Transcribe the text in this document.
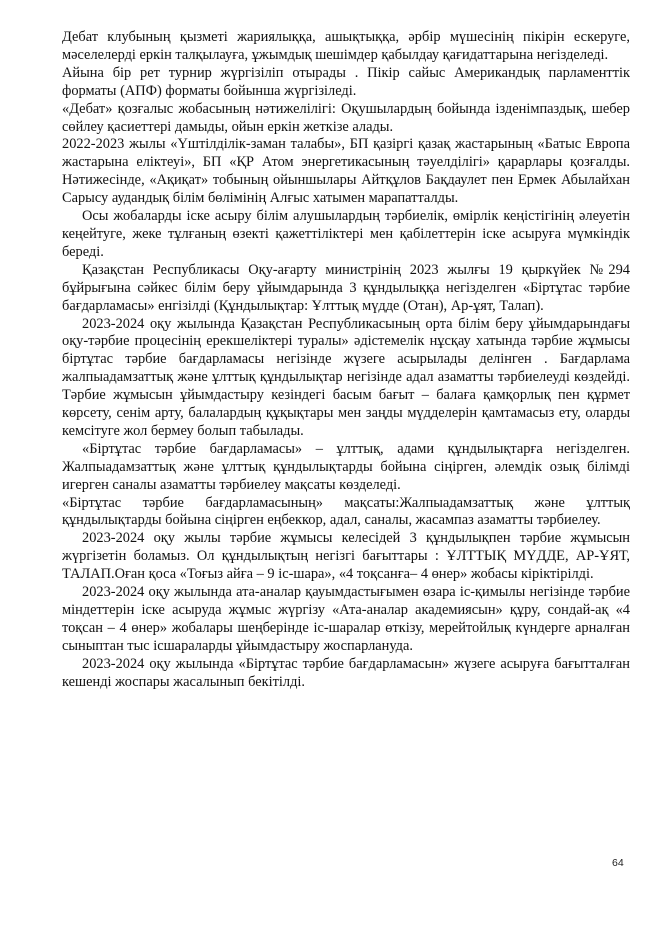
Дебат клубының қызметі жариялыққа, ашықтыққа, әрбір мүшесінің пікірін ескеруге, мәселелерді еркін талқылауға, ұжымдық шешімдер қабылдау қағидаттарына негізделеді.

Айына бір рет турнир жүргізіліп отырады . Пікір сайыс Американдық парламенттік форматы (АПФ) форматы бойынша жүргізіледі.

«Дебат» қозғалыс жобасының нәтижелілігі: Оқушылардың бойында ізденімпаздық, шебер сөйлеу қасиеттері дамыды, ойын еркін жеткізе алады.

2022-2023 жылы «Үштілділік-заман талабы», БП қазіргі қазақ жастарының «Батыс Европа жастарына еліктеуі», БП «ҚР Атом энергетикасының тәуелділігі» қарарлары қозғалды. Нәтижесінде, «Ақиқат» тобының ойыншылары Айтқұлов Бақдаулет пен Ермек Абылайхан Сарысу аудандық білім бөлімінің Алғыс хатымен марапатталды.

Осы жобаларды іске асыру білім алушылардың тәрбиелік, өмірлік кеңістігінің әлеуетін кеңейтуге, жеке тұлғаның өзекті қажеттіліктері мен қабілеттерін іске асыруға мүмкіндік береді.

Қазақстан Республикасы Оқу-ағарту министрінің 2023 жылғы 19 қыркүйек №294 бұйрығына сәйкес білім беру ұйымдарында 3 құндылыққа негізделген «Біртұтас тәрбие бағдарламасы» енгізілді (Құндылықтар: Ұлттық мүдде (Отан), Ар-ұят, Талап).

2023-2024 оқу жылында Қазақстан Республикасының орта білім беру ұйымдарындағы оқу-тәрбие процесінің ерекшеліктері туралы» әдістемелік нұсқау хатында тәрбие жұмысы біртұтас тәрбие бағдарламасы негізінде жүзеге асырылады делінген . Бағдарлама жалпыадамзаттық және ұлттық құндылықтар негізінде адал азаматты тәрбиелеуді көздейді. Тәрбие жұмысын ұйымдастыру кезіндегі басым бағыт – балаға қамқорлық пен құрмет көрсету, сенім арту, балалардың құқықтары мен заңды мүдделерін қамтамасыз ету, оларды кемсітуге жол бермеу болып табылады.

«Біртұтас тәрбие бағдарламасы» – ұлттық, адами құндылықтарға негізделген. Жалпыадамзаттық және ұлттық құндылықтарды бойына сіңірген, әлемдік озық білімді игерген саналы азаматты тәрбиелеу мақсаты көзделеді.

«Біртұтас тәрбие бағдарламасының» мақсаты:Жалпыадамзаттық және ұлттық құндылықтарды бойына сіңірген еңбеккор, адал, саналы, жасампаз азаматты тәрбиелеу.

2023-2024 оқу жылы тәрбие жұмысы келесідей 3 құндылықпен тәрбие жұмысын жүргізетін боламыз. Ол құндылықтың негізгі бағыттары : ҰЛТТЫҚ МҮДДЕ, АР-ҰЯТ, ТАЛАП.Оған қоса «Тоғыз айға – 9 іс-шара», «4 тоқсанға– 4 өнер» жобасы кірiктiрiлдi.

2023-2024 оқу жылында ата-аналар қауымдастығымен өзара іс-қимылы негізінде тәрбие міндеттерін іске асыруда жұмыс жүргізу «Ата-аналар академиясын» құру, сондай-ақ «4 тоқсан – 4 өнер» жобалары шеңберінде іс-шаралар өткізу, мерейтойлық күндерге арналған сыныптан тыс ісшараларды ұйымдастыру жоспарлануда.

2023-2024 оқу жылында «Біртұтас тәрбие бағдарламасын» жүзеге асыруға бағытталған кешенді жоспары жасалынып бекітілді.

64
